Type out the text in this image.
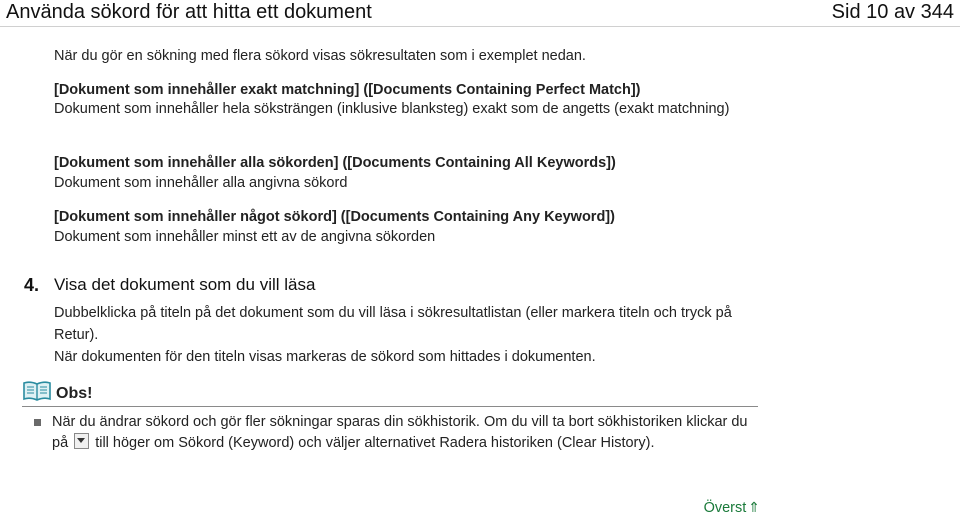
Använda sökord för att hitta ett dokument	Sid 10 av 344
När du gör en sökning med flera sökord visas sökresultaten som i exemplet nedan.
[Dokument som innehåller exakt matchning] ([Documents Containing Perfect Match])
Dokument som innehåller hela söksträngen (inklusive blanksteg) exakt som de angetts (exakt matchning)
[Dokument som innehåller alla sökorden] ([Documents Containing All Keywords])
Dokument som innehåller alla angivna sökord
[Dokument som innehåller något sökord] ([Documents Containing Any Keyword])
Dokument som innehåller minst ett av de angivna sökorden
4. Visa det dokument som du vill läsa
Dubbelklicka på titeln på det dokument som du vill läsa i sökresultatlistan (eller markera titeln och tryck på Retur).
När dokumenten för den titeln visas markeras de sökord som hittades i dokumenten.
Obs!
När du ändrar sökord och gör fler sökningar sparas din sökhistorik. Om du vill ta bort sökhistoriken klickar du på till höger om Sökord (Keyword) och väljer alternativet Radera historiken (Clear History).
Överst ⇑
